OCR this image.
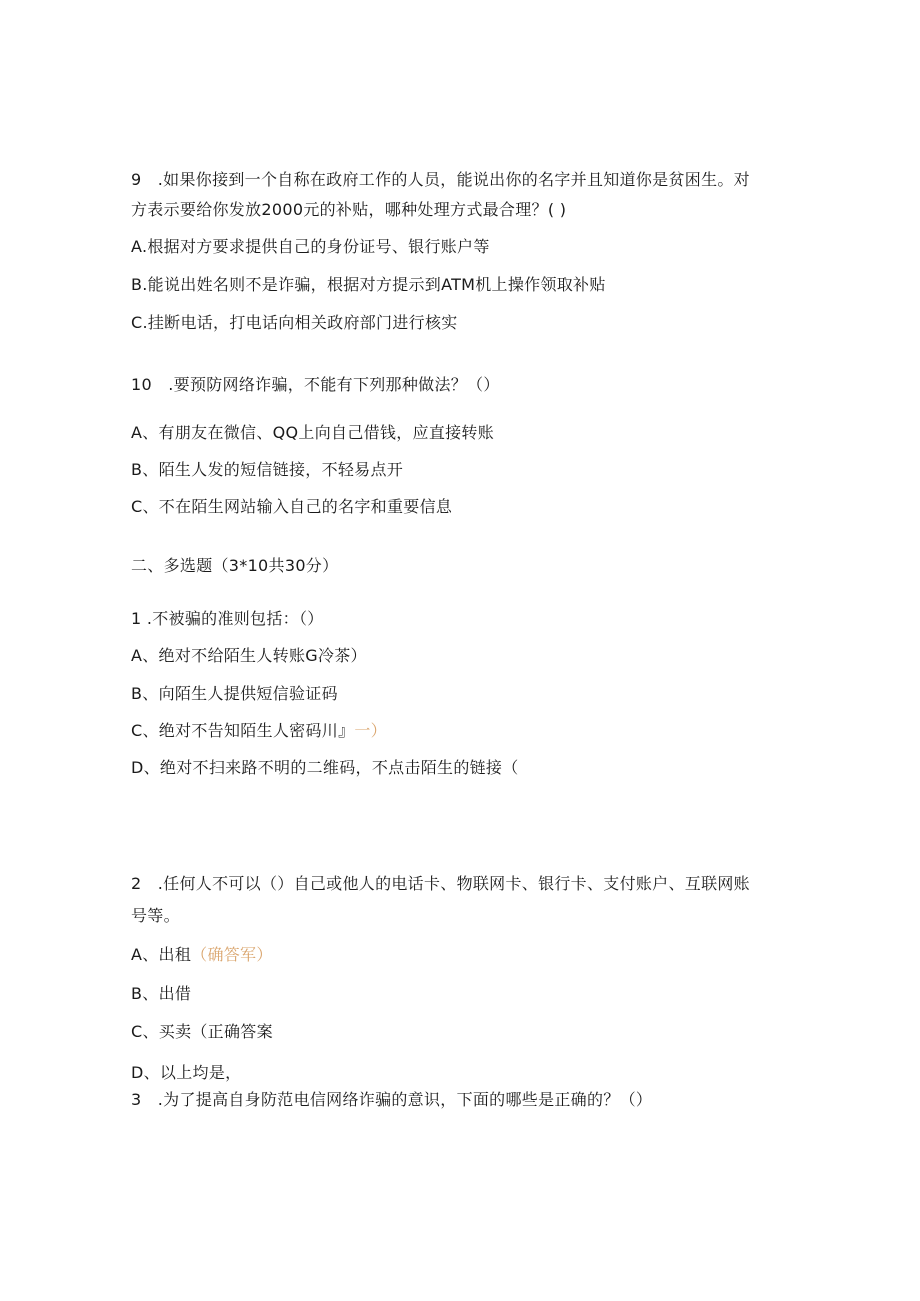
9　.如果你接到一个自称在政府工作的人员，能说出你的名字并且知道你是贫困生。对
方表示要给你发放2000元的补贴，哪种处理方式最合理？( )
A.根据对方要求提供自己的身份证号、银行账户等
B.能说出姓名则不是诈骗，根据对方提示到ATM机上操作领取补贴
C.挂断电话，打电话向相关政府部门进行核实
10　.要预防网络诈骗，不能有下列那种做法？（）
A、有朋友在微信、QQ上向自己借钱，应直接转账
B、陌生人发的短信链接，不轻易点开
C、不在陌生网站输入自己的名字和重要信息
二、多选题（3*10共30分）
1 .不被骗的准则包括：（）
A、绝对不给陌生人转账G冷茶）
B、向陌生人提供短信验证码
C、绝对不告知陌生人密码川』一）
D、绝对不扫来路不明的二维码，不点击陌生的链接（
2　.任何人不可以（）自己或他人的电话卡、物联网卡、银行卡、支付账户、互联网账
号等。
A、出租（确答军）
B、出借
C、买卖（正确答案
D、以上均是，
3　.为了提高自身防范电信网络诈骗的意识，下面的哪些是正确的？（）
